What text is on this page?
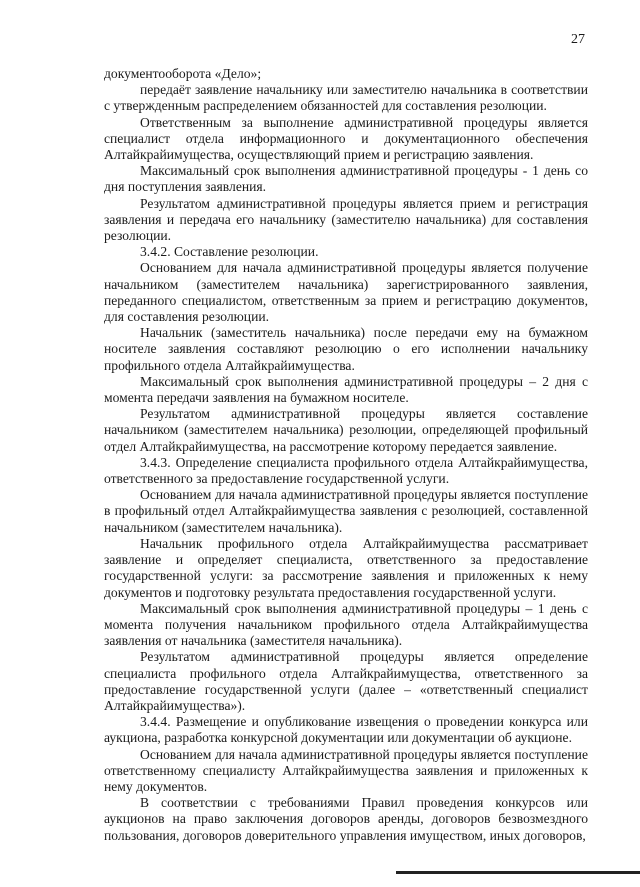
27

документооборота «Дело»;

передаёт заявление начальнику или заместителю начальника в соответствии с утвержденным распределением обязанностей для составления резолюции.

Ответственным за выполнение административной процедуры является специалист отдела информационного и документационного обеспечения Алтайкрайимущества, осуществляющий прием и регистрацию заявления.

Максимальный срок выполнения административной процедуры - 1 день со дня поступления заявления.

Результатом административной процедуры является прием и регистрация заявления и передача его начальнику (заместителю начальника) для составления резолюции.

3.4.2. Составление резолюции.

Основанием для начала административной процедуры является получение начальником (заместителем начальника) зарегистрированного заявления, переданного специалистом, ответственным за прием и регистрацию документов, для составления резолюции.

Начальник (заместитель начальника) после передачи ему на бумажном носителе заявления составляют резолюцию о его исполнении начальнику профильного отдела Алтайкрайимущества.

Максимальный срок выполнения административной процедуры – 2 дня с момента передачи заявления на бумажном носителе.

Результатом административной процедуры является составление начальником (заместителем начальника) резолюции, определяющей профильный отдел Алтайкрайимущества, на рассмотрение которому передается заявление.

3.4.3. Определение специалиста профильного отдела Алтайкрайимущества, ответственного за предоставление государственной услуги.

Основанием для начала административной процедуры является поступление в профильный отдел Алтайкрайимущества заявления с резолюцией, составленной начальником (заместителем начальника).

Начальник профильного отдела Алтайкрайимущества рассматривает заявление и определяет специалиста, ответственного за предоставление государственной услуги: за рассмотрение заявления и приложенных к нему документов и подготовку результата предоставления государственной услуги.

Максимальный срок выполнения административной процедуры – 1 день с момента получения начальником профильного отдела Алтайкрайимущества заявления от начальника (заместителя начальника).

Результатом административной процедуры является определение специалиста профильного отдела Алтайкрайимущества, ответственного за предоставление государственной услуги (далее – «ответственный специалист Алтайкрайимущества»).

3.4.4. Размещение и опубликование извещения о проведении конкурса или аукциона, разработка конкурсной документации или документации об аукционе.

Основанием для начала административной процедуры является поступление ответственному специалисту Алтайкрайимущества заявления и приложенных к нему документов.

В соответствии с требованиями Правил проведения конкурсов или аукционов на право заключения договоров аренды, договоров безвозмездного пользования, договоров доверительного управления имуществом, иных договоров,
